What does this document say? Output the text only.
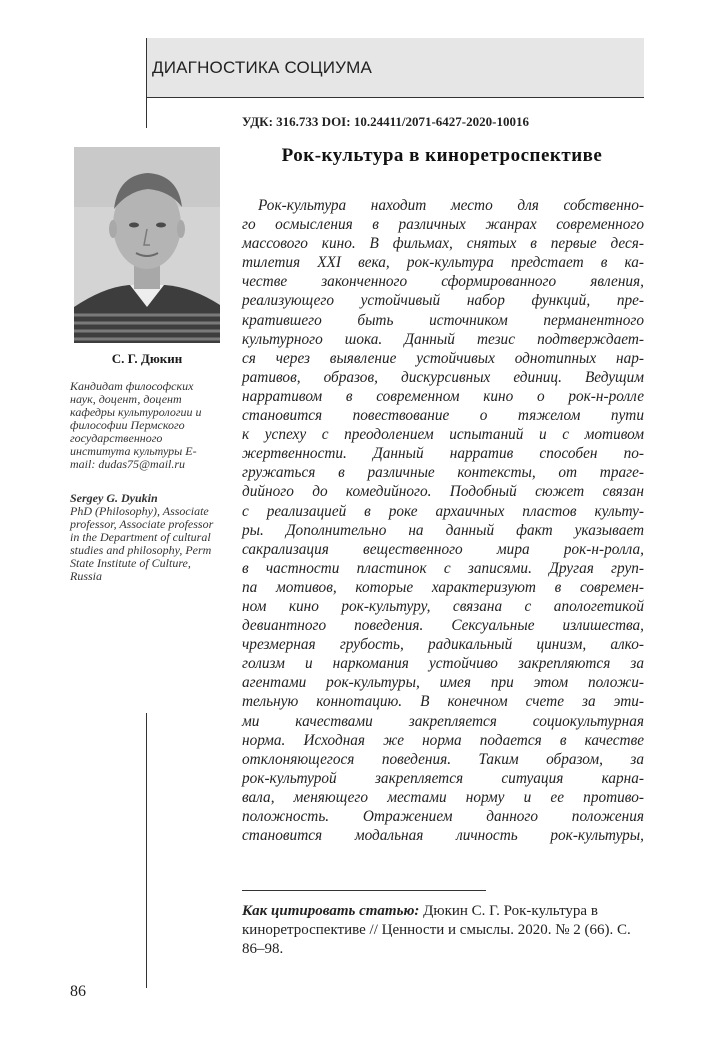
ДИАГНОСТИКА СОЦИУМА
УДК: 316.733 DOI: 10.24411/2071-6427-2020-10016
Рок-культура в киноретроспективе
С. Г. Дюкин
Кандидат философских наук, доцент, доцент кафедры культурологии и философии Пермского государственного института культуры E-mail: dudas75@mail.ru
Sergey G. Dyukin
PhD (Philosophy), Associate professor, Associate professor in the Department of cultural studies and philosophy, Perm State Institute of Culture, Russia
Рок-культура находит место для собственно-
го осмысления в различных жанрах современного
массового кино. В фильмах, снятых в первые деся-
тилетия XXI века, рок-культура предстает в ка-
честве законченного сформированного явления,
реализующего устойчивый набор функций, пре-
кратившего быть источником перманентного
культурного шока. Данный тезис подтверждает-
ся через выявление устойчивых однотипных нар-
ративов, образов, дискурсивных единиц. Ведущим
нарративом в современном кино о рок-н-ролле
становится повествование о тяжелом пути
к успеху с преодолением испытаний и с мотивом
жертвенности. Данный нарратив способен по-
гружаться в различные контексты, от траге-
дийного до комедийного. Подобный сюжет связан
с реализацией в роке архаичных пластов культу-
ры. Дополнительно на данный факт указывает
сакрализация вещественного мира рок-н-ролла,
в частности пластинок с записями. Другая груп-
па мотивов, которые характеризуют в современ-
ном кино рок-культуру, связана с апологетикой
девиантного поведения. Сексуальные излишества,
чрезмерная грубость, радикальный цинизм, алко-
голизм и наркомания устойчиво закрепляются за
агентами рок-культуры, имея при этом положи-
тельную коннотацию. В конечном счете за эти-
ми качествами закрепляется социокультурная
норма. Исходная же норма подается в качестве
отклоняющегося поведения. Таким образом, за
рок-культурой закрепляется ситуация карна-
вала, меняющего местами норму и ее противо-
положность. Отражением данного положения
становится модальная личность рок-культуры,
Как цитировать статью: Дюкин С. Г. Рок-культура в киноретроспективе // Ценности и смыслы. 2020. № 2 (66). С. 86–98.
86
